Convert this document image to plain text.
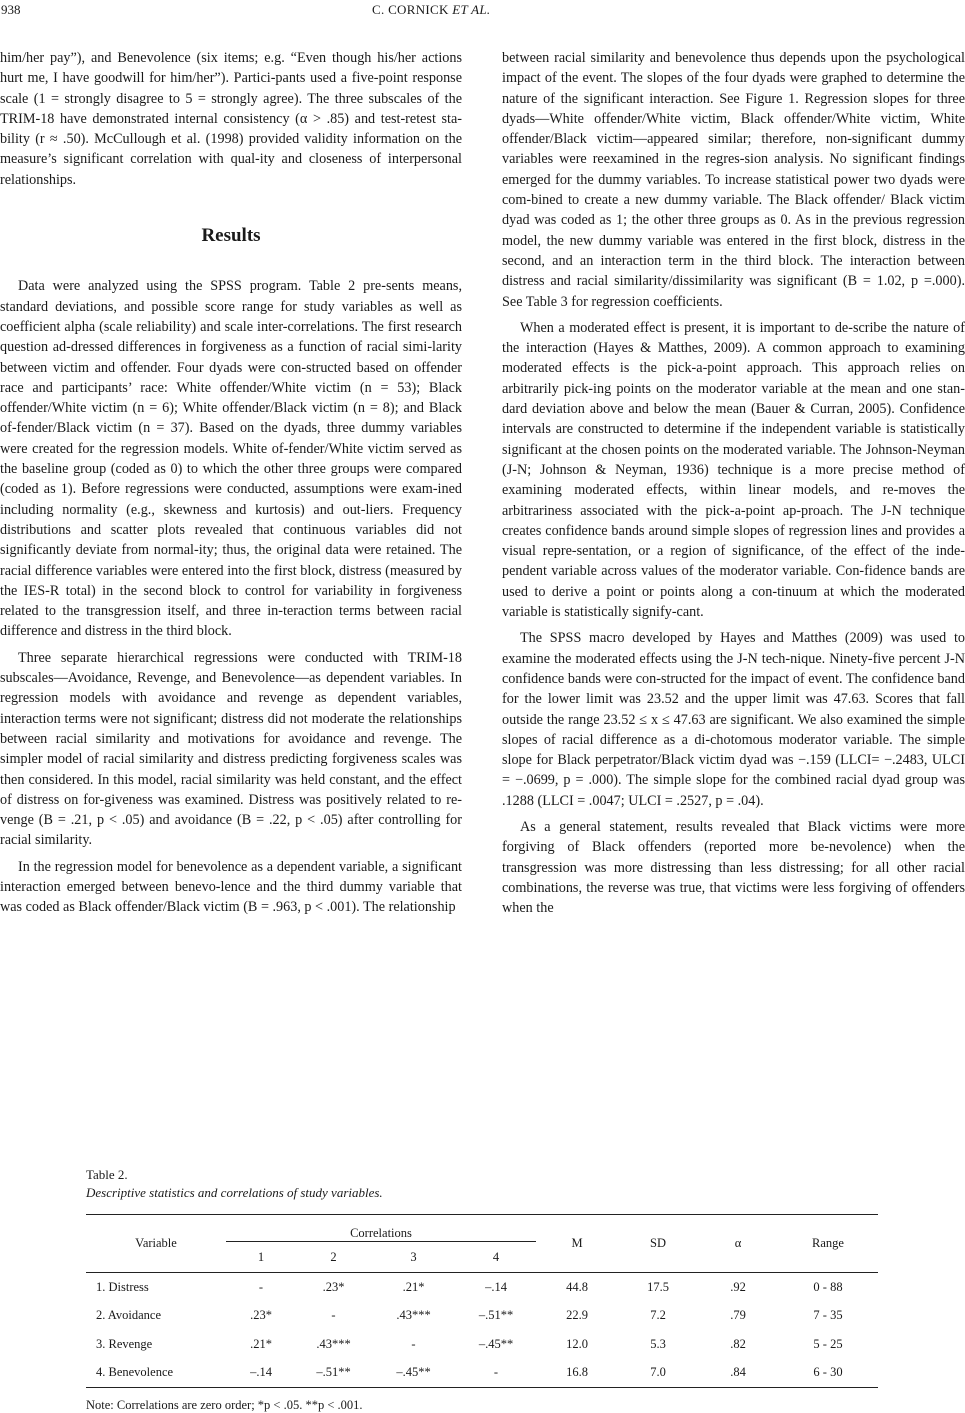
938	C. CORNICK ET AL.

him/her pay”), and Benevolence (six items; e.g. “Even though his/her actions hurt me, I have goodwill for him/her”). Partici-pants used a five-point response scale (1 = strongly disagree to 5 = strongly agree). The three subscales of the TRIM-18 have demonstrated internal consistency (α > .85) and test-retest sta-bility (r ≈ .50). McCullough et al. (1998) provided validity information on the measure’s significant correlation with qual-ity and closeness of interpersonal relationships.

Results

Data were analyzed using the SPSS program. Table 2 pre-sents means, standard deviations, and possible score range for study variables as well as coefficient alpha (scale reliability) and scale inter-correlations. The first research question ad-dressed differences in forgiveness as a function of racial simi-larity between victim and offender. Four dyads were con-structed based on offender race and participants’ race: White offender/White victim (n = 53); Black offender/White victim (n = 6); White offender/Black victim (n = 8); and Black of-fender/Black victim (n = 37). Based on the dyads, three dummy variables were created for the regression models. White of-fender/White victim served as the baseline group (coded as 0) to which the other three groups were compared (coded as 1). Before regressions were conducted, assumptions were exam-ined including normality (e.g., skewness and kurtosis) and out-liers. Frequency distributions and scatter plots revealed that continuous variables did not significantly deviate from normal-ity; thus, the original data were retained. The racial difference variables were entered into the first block, distress (measured by the IES-R total) in the second block to control for variability in forgiveness related to the transgression itself, and three in-teraction terms between racial difference and distress in the third block.

Three separate hierarchical regressions were conducted with TRIM-18 subscales—Avoidance, Revenge, and Benevolence—as dependent variables. In regression models with avoidance and revenge as dependent variables, interaction terms were not significant; distress did not moderate the relationships between racial similarity and motivations for avoidance and revenge. The simpler model of racial similarity and distress predicting forgiveness scales was then considered. In this model, racial similarity was held constant, and the effect of distress on for-giveness was examined. Distress was positively related to re-venge (B = .21, p < .05) and avoidance (B = .22, p < .05) after controlling for racial similarity.

In the regression model for benevolence as a dependent variable, a significant interaction emerged between benevo-lence and the third dummy variable that was coded as Black offender/Black victim (B = .963, p < .001). The relationship

between racial similarity and benevolence thus depends upon the psychological impact of the event. The slopes of the four dyads were graphed to determine the nature of the significant interaction. See Figure 1. Regression slopes for three dyads—White offender/White victim, Black offender/White victim, White offender/Black victim—appeared similar; therefore, non-significant dummy variables were reexamined in the regres-sion analysis. No significant findings emerged for the dummy variables. To increase statistical power two dyads were com-bined to create a new dummy variable. The Black offender/ Black victim dyad was coded as 1; the other three groups as 0. As in the previous regression model, the new dummy variable was entered in the first block, distress in the second, and an interaction term in the third block. The interaction between distress and racial similarity/dissimilarity was significant (B = 1.02, p =.000). See Table 3 for regression coefficients.

When a moderated effect is present, it is important to de-scribe the nature of the interaction (Hayes & Matthes, 2009). A common approach to examining moderated effects is the pick-a-point approach. This approach relies on arbitrarily pick-ing points on the moderator variable at the mean and one stan-dard deviation above and below the mean (Bauer & Curran, 2005). Confidence intervals are constructed to determine if the independent variable is statistically significant at the chosen points on the moderated variable. The Johnson-Neyman (J-N; Johnson & Neyman, 1936) technique is a more precise method of examining moderated effects, within linear models, and re-moves the arbitrariness associated with the pick-a-point ap-proach. The J-N technique creates confidence bands around simple slopes of regression lines and provides a visual repre-sentation, or a region of significance, of the effect of the inde-pendent variable across values of the moderator variable. Con-fidence bands are used to derive a point or points along a con-tinuum at which the moderated variable is statistically signify-cant.

The SPSS macro developed by Hayes and Matthes (2009) was used to examine the moderated effects using the J-N tech-nique. Ninety-five percent J-N confidence bands were con-structed for the impact of event. The confidence band for the lower limit was 23.52 and the upper limit was 47.63. Scores that fall outside the range 23.52 ≤ x ≤ 47.63 are significant. We also examined the simple slopes of racial difference as a di-chotomous moderator variable. The simple slope for Black perpetrator/Black victim dyad was −.159 (LLCI= −.2483, ULCI = −.0699, p = .000). The simple slope for the combined racial dyad group was .1288 (LLCI = .0047; ULCI = .2527, p = .04).

As a general statement, results revealed that Black victims were more forgiving of Black offenders (reported more be-nevolence) when the transgression was more distressing than less distressing; for all other racial combinations, the reverse was true, that victims were less forgiving of offenders when the

Table 2.

Descriptive statistics and correlations of study variables.

Variable	Correlations				M	SD	α	Range
	1	2	3	4				
1. Distress	-	.23*	.21*	–.14	44.8	17.5	.92	0 - 88
2. Avoidance	.23*	-	.43***	–.51**	22.9	7.2	.79	7 - 35
3. Revenge	.21*	.43***	-	–.45**	12.0	5.3	.82	5 - 25
4. Benevolence	–.14	–.51**	–.45**	-	16.8	7.0	.84	6 - 30

Note: Correlations are zero order; *p < .05. **p < .001.
